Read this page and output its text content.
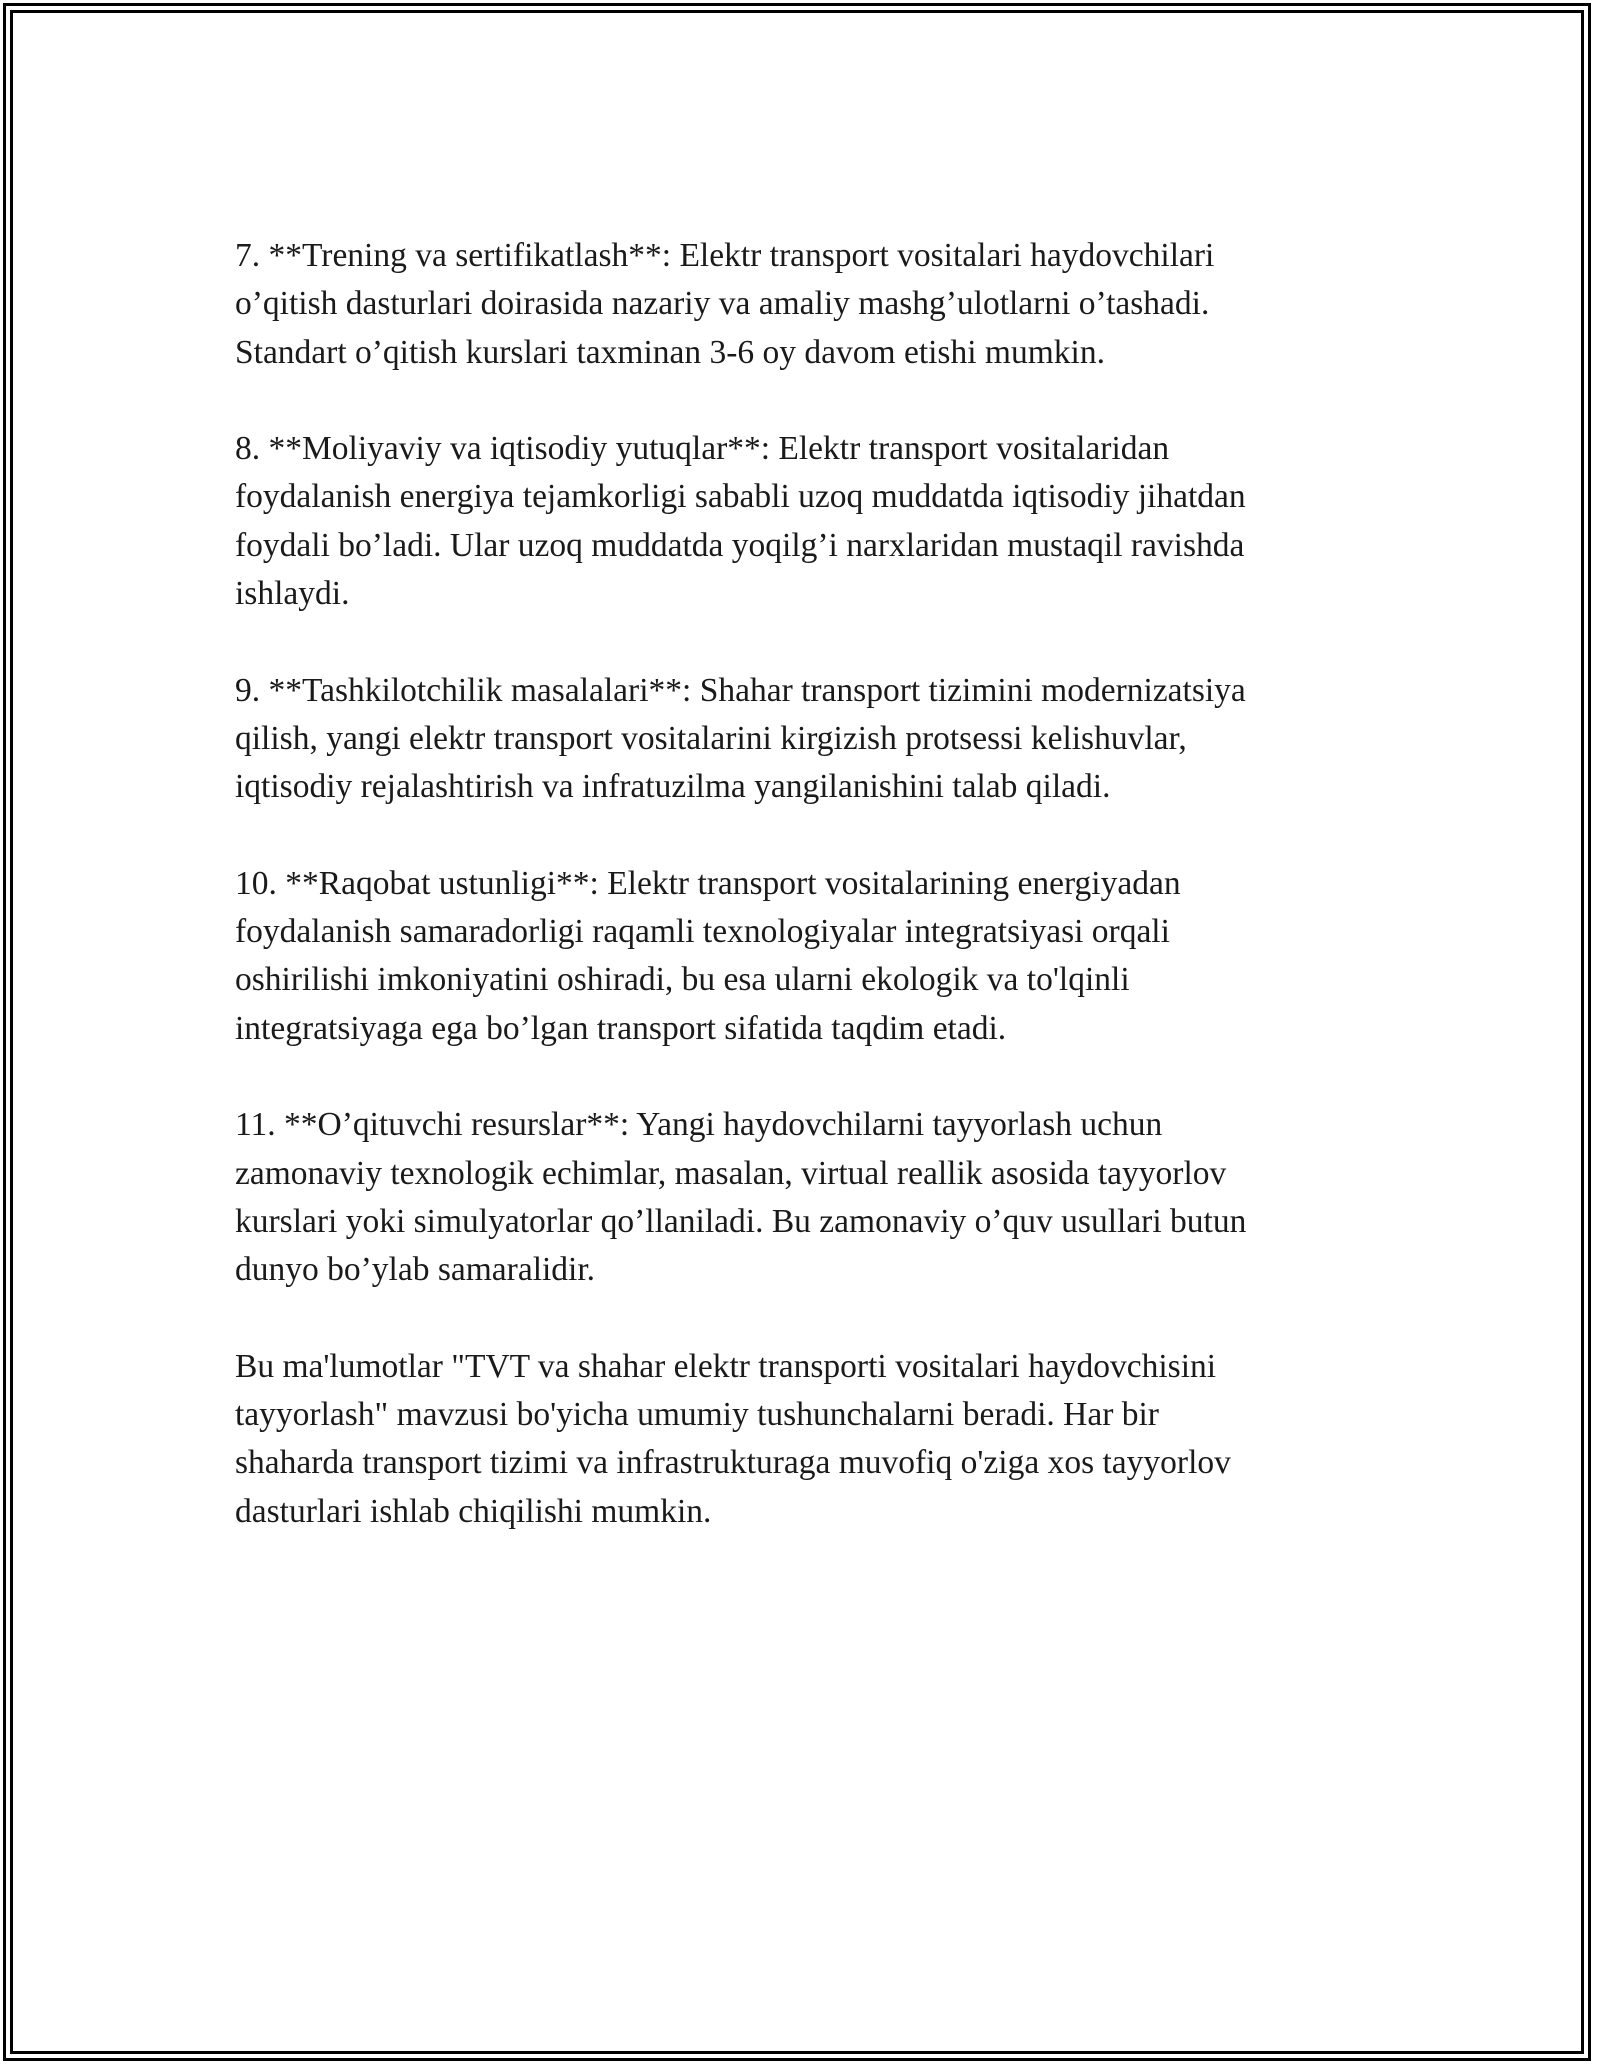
7. **Trening va sertifikatlash**: Elektr transport vositalari haydovchilari
o’qitish dasturlari doirasida nazariy va amaliy mashg’ulotlarni o’tashadi.
Standart o’qitish kurslari taxminan 3-6 oy davom etishi mumkin.

8. **Moliyaviy va iqtisodiy yutuqlar**: Elektr transport vositalaridan
foydalanish energiya tejamkorligi sababli uzoq muddatda iqtisodiy jihatdan
foydali bo’ladi. Ular uzoq muddatda yoqilg’i narxlaridan mustaqil ravishda
ishlaydi.

9. **Tashkilotchilik masalalari**: Shahar transport tizimini modernizatsiya
qilish, yangi elektr transport vositalarini kirgizish protsessi kelishuvlar,
iqtisodiy rejalashtirish va infratuzilma yangilanishini talab qiladi.

10. **Raqobat ustunligi**: Elektr transport vositalarining energiyadan
foydalanish samaradorligi raqamli texnologiyalar integratsiyasi orqali
oshirilishi imkoniyatini oshiradi, bu esa ularni ekologik va to'lqinli
integratsiyaga ega bo’lgan transport sifatida taqdim etadi.

11. **O’qituvchi resurslar**: Yangi haydovchilarni tayyorlash uchun
zamonaviy texnologik echimlar, masalan, virtual reallik asosida tayyorlov
kurslari yoki simulyatorlar qo’llaniladi. Bu zamonaviy o’quv usullari butun
dunyo bo’ylab samaralidir.

Bu ma'lumotlar "TVT va shahar elektr transporti vositalari haydovchisini
tayyorlash" mavzusi bo'yicha umumiy tushunchalarni beradi. Har bir
shaharda transport tizimi va infrastrukturaga muvofiq o'ziga xos tayyorlov
dasturlari ishlab chiqilishi mumkin.
